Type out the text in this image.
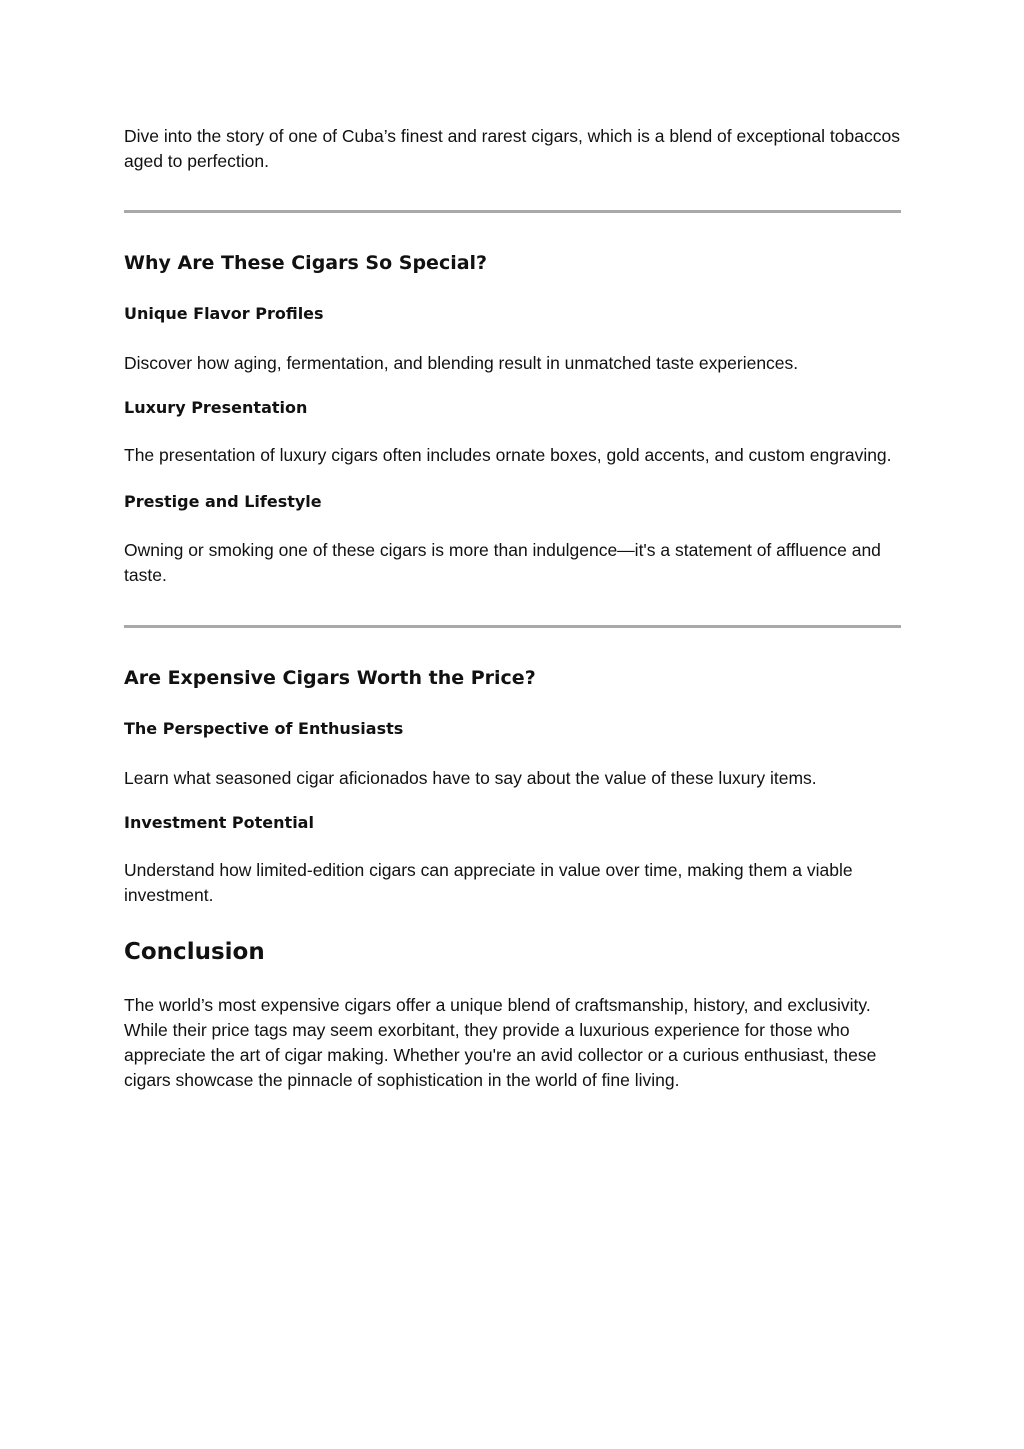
Dive into the story of one of Cuba’s finest and rarest cigars, which is a blend of exceptional tobaccos aged to perfection.

Why Are These Cigars So Special?
Unique Flavor Profiles

Discover how aging, fermentation, and blending result in unmatched taste experiences.

Luxury Presentation

The presentation of luxury cigars often includes ornate boxes, gold accents, and custom engraving.

Prestige and Lifestyle

Owning or smoking one of these cigars is more than indulgence—it's a statement of affluence and taste.

Are Expensive Cigars Worth the Price?
The Perspective of Enthusiasts

Learn what seasoned cigar aficionados have to say about the value of these luxury items.

Investment Potential

Understand how limited-edition cigars can appreciate in value over time, making them a viable investment.

Conclusion

The world’s most expensive cigars offer a unique blend of craftsmanship, history, and exclusivity. While their price tags may seem exorbitant, they provide a luxurious experience for those who appreciate the art of cigar making. Whether you're an avid collector or a curious enthusiast, these cigars showcase the pinnacle of sophistication in the world of fine living.
